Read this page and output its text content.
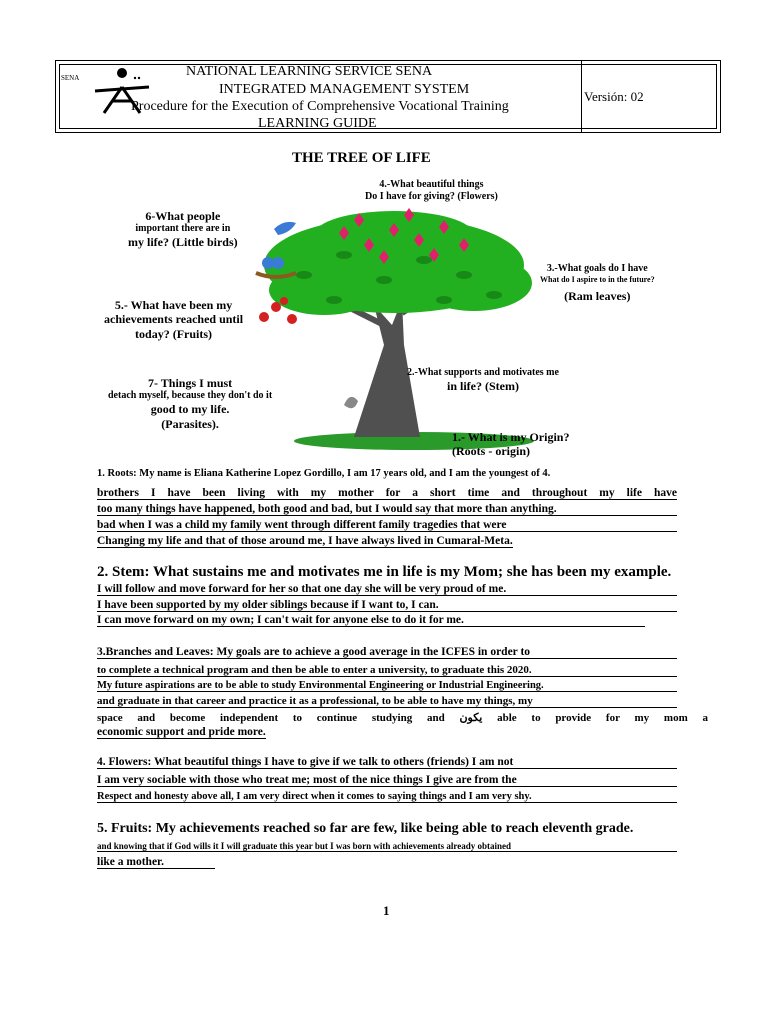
SENA	NATIONAL LEARNING SERVICE SENA
INTEGRATED MANAGEMENT SYSTEM
Procedure for the Execution of Comprehensive Vocational Training
LEARNING GUIDE
Versión: 02
THE TREE OF LIFE
4.-What beautiful things
Do I have for giving? (Flowers)
6-What people
important there are in
my life? (Little birds)
3.-What goals do I have
What do I aspire to in the future?
(Ram leaves)
5.- What have been my
achievements reached until
today? (Fruits)
2.-What supports and motivates me
in life? (Stem)
7- Things I must
detach myself, because they don't do it
good to my life.
(Parasites).
1.- What is my Origin?
(Roots - origin)
1. Roots: My name is Eliana Katherine Lopez Gordillo, I am 17 years old, and I am the youngest of 4.
brothers I have been living with my mother for a short time and throughout my life have
too many things have happened, both good and bad, but I would say that more than anything.
bad when I was a child my family went through different family tragedies that were
Changing my life and that of those around me, I have always lived in Cumaral-Meta.
2. Stem: What sustains me and motivates me in life is my Mom; she has been my example.
I will follow and move forward for her so that one day she will be very proud of me.
I have been supported by my older siblings because if I want to, I can.
I can move forward on my own; I can't wait for anyone else to do it for me.
3.Branches and Leaves: My goals are to achieve a good average in the ICFES in order to
to complete a technical program and then be able to enter a university, to graduate this 2020.
My future aspirations are to be able to study Environmental Engineering or Industrial Engineering.
and graduate in that career and practice it as a professional, to be able to have my things, my
space and become independent to continue studying and يكون able to provide for my mom a
economic support and pride more.
4. Flowers: What beautiful things I have to give if we talk to others (friends) I am not
I am very sociable with those who treat me; most of the nice things I give are from the
Respect and honesty above all, I am very direct when it comes to saying things and I am very shy.
5. Fruits: My achievements reached so far are few, like being able to reach eleventh grade.
and knowing that if God wills it I will graduate this year but I was born with achievements already obtained
like a mother.
1
